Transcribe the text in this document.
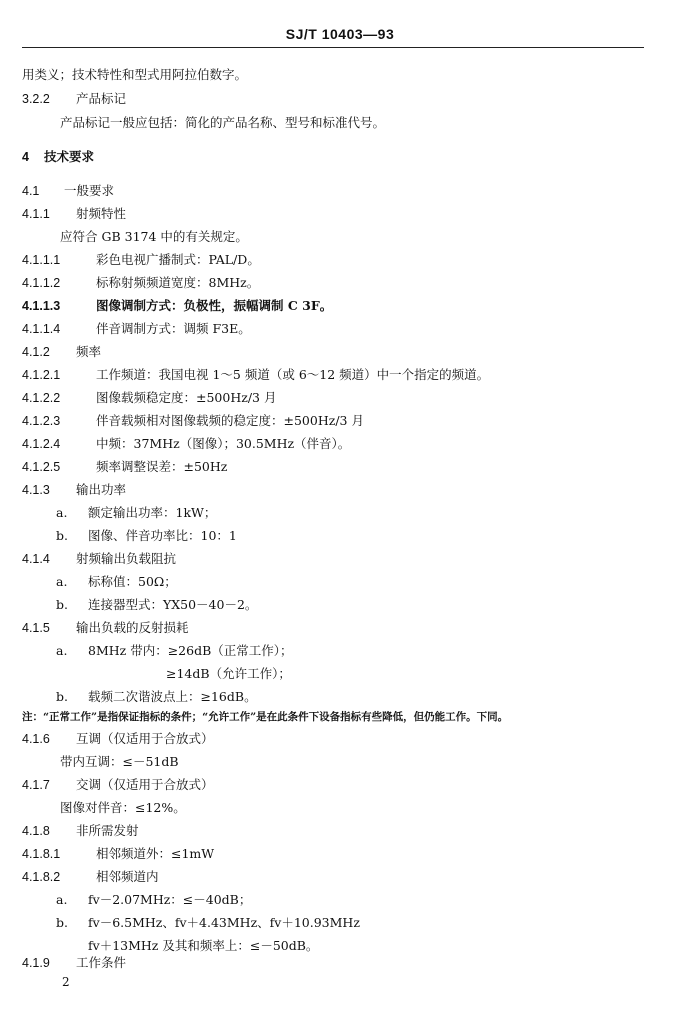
SJ/T 10403—93
用类义；技术特性和型式用阿拉伯数字。
3.2.2 产品标记
产品标记一般应包括：简化的产品名称、型号和标准代号。
4 技术要求
4.1 一般要求
4.1.1 射频特性
应符合 GB 3174 中的有关规定。
4.1.1.1	彩色电视广播制式：PAL/D。
4.1.1.2	标称射频频道宽度：8MHz。
4.1.1.3	图像调制方式：负极性，振幅调制 C 3F。
4.1.1.4	伴音调制方式：调频 F3E。
4.1.2 频率
4.1.2.1	工作频道：我国电视 1～5 频道（或 6～12 频道）中一个指定的频道。
4.1.2.2	图像载频稳定度：±500Hz/3 月
4.1.2.3	伴音载频相对图像载频的稳定度：±500Hz/3 月
4.1.2.4	中频：37MHz（图像）；30.5MHz（伴音）。
4.1.2.5	频率调整误差：±50Hz
4.1.3 输出功率
a. 额定输出功率：1kW；
b. 图像、伴音功率比：10：1
4.1.4 射频输出负载阻抗
a. 标称值：50Ω；
b. 连接器型式：YX50－40－2。
4.1.5 输出负载的反射损耗
a. 8MHz 带内：≥26dB（正常工作）；
≥14dB（允许工作）；
b. 载频二次谐波点上：≥16dB。
注：“正常工作”是指保证指标的条件；“允许工作”是在此条件下设备指标有些降低，但仍能工作。下同。
4.1.6 互调（仅适用于合放式）
带内互调：≤－51dB
4.1.7 交调（仅适用于合放式）
图像对伴音：≤12%。
4.1.8 非所需发射
4.1.8.1	相邻频道外：≤1mW
4.1.8.2	相邻频道内
a. fv－2.07MHz：≤－40dB；
b. fv－6.5MHz、fv＋4.43MHz、fv＋10.93MHz
fv＋13MHz 及其和频率上：≤－50dB。
4.1.9 工作条件
2
